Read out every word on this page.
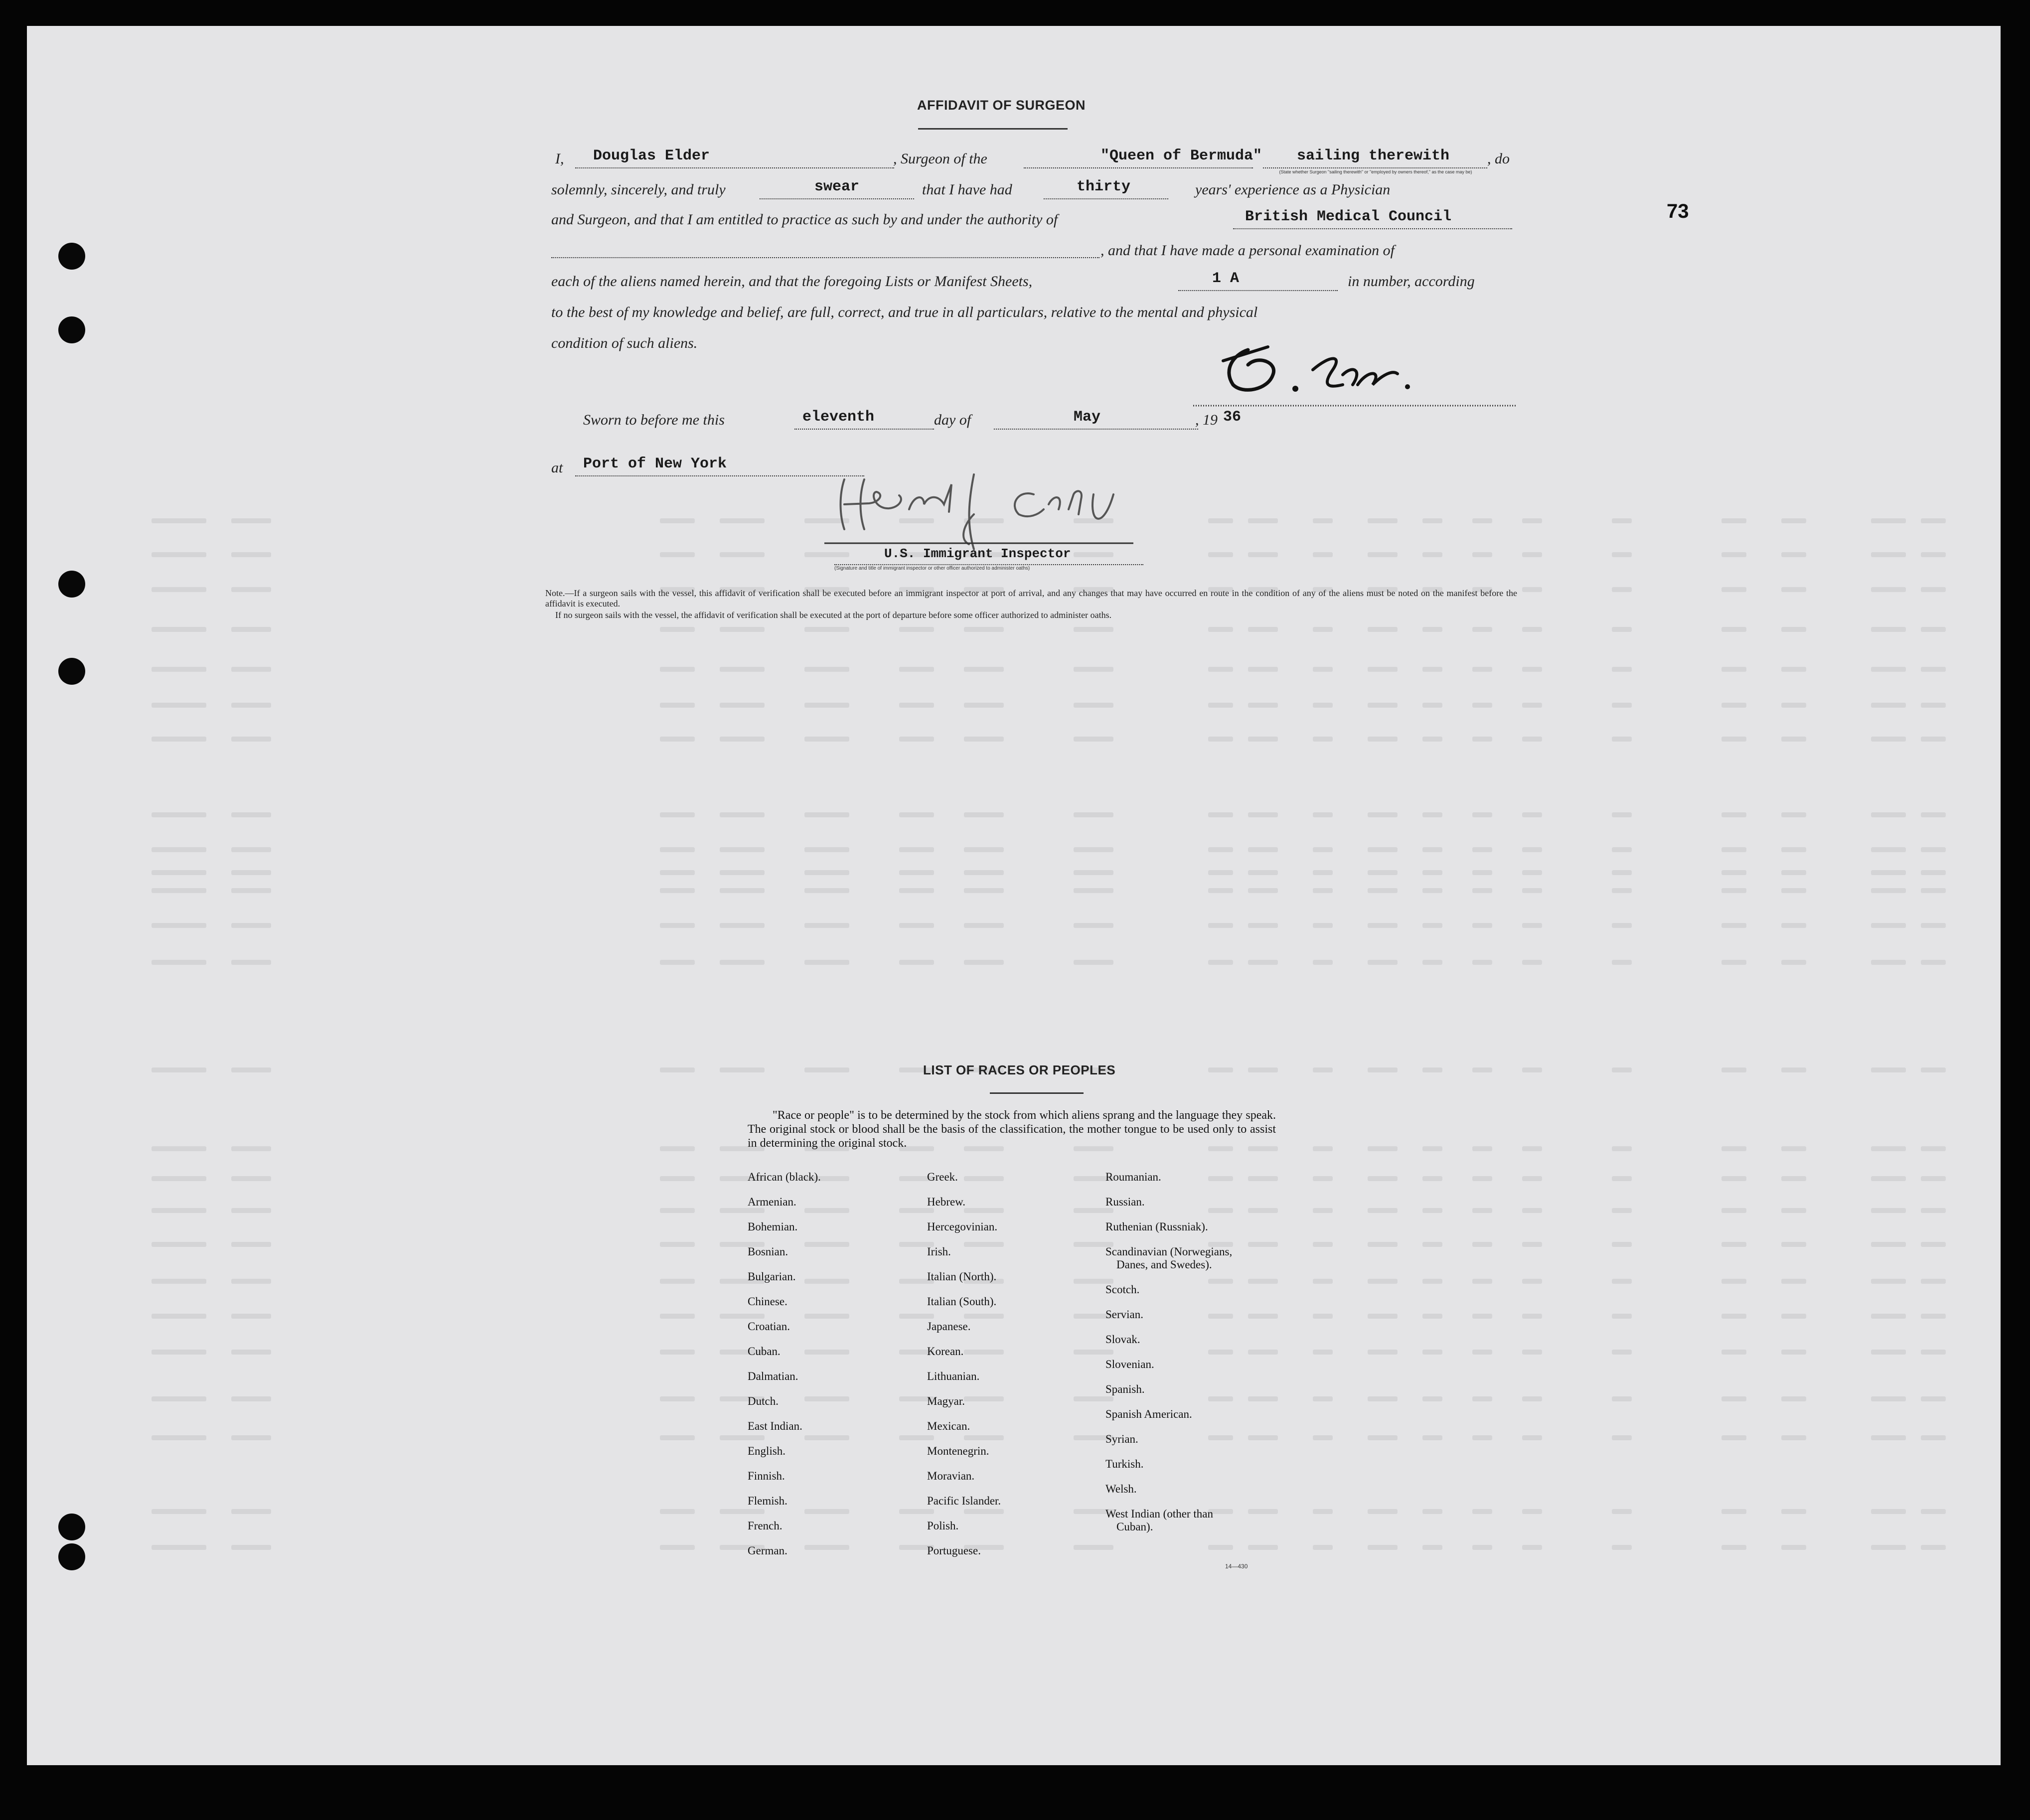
73
AFFIDAVIT OF SURGEON
I, Douglas Elder	, Surgeon of the	"Queen of Bermuda" sailing therewith	, do
(State whether Surgeon "sailing therewith" or "employed by owners thereof," as the case may be)
solemnly, sincerely, and truly	swear	that I have had	thirty	years' experience as a Physician
and Surgeon, and that I am entitled to practice as such by and under the authority of	British Medical Council
, and that I have made a personal examination of
each of the aliens named herein, and that the foregoing Lists or Manifest Sheets,	1 A	in number, according
to the best of my knowledge and belief, are full, correct, and true in all particulars, relative to the mental and physical
condition of such aliens.
Sworn to before me this	eleventh	day of	May	, 19 36
at Port of New York
U.S. Immigrant Inspector
(Signature and title of immigrant inspector or other officer authorized to administer oaths)
Note.—If a surgeon sails with the vessel, this affidavit of verification shall be executed before an immigrant inspector at port of arrival, and any changes that may have occurred en route in the condition of any of the aliens must be noted on the manifest before the affidavit is executed.
If no surgeon sails with the vessel, the affidavit of verification shall be executed at the port of departure before some officer authorized to administer oaths.
LIST OF RACES OR PEOPLES
"Race or people" is to be determined by the stock from which aliens sprang and the language they speak. The original stock or blood shall be the basis of the classification, the mother tongue to be used only to assist in determining the original stock.
African (black).
Armenian.
Bohemian.
Bosnian.
Bulgarian.
Chinese.
Croatian.
Cuban.
Dalmatian.
Dutch.
East Indian.
English.
Finnish.
Flemish.
French.
German.
Greek.
Hebrew.
Hercegovinian.
Irish.
Italian (North).
Italian (South).
Japanese.
Korean.
Lithuanian.
Magyar.
Mexican.
Montenegrin.
Moravian.
Pacific Islander.
Polish.
Portuguese.
Roumanian.
Russian.
Ruthenian (Russniak).
Scandinavian (Norwegians,
Danes, and Swedes).
Scotch.
Servian.
Slovak.
Slovenian.
Spanish.
Spanish American.
Syrian.
Turkish.
Welsh.
West Indian (other than
Cuban).
14—430
